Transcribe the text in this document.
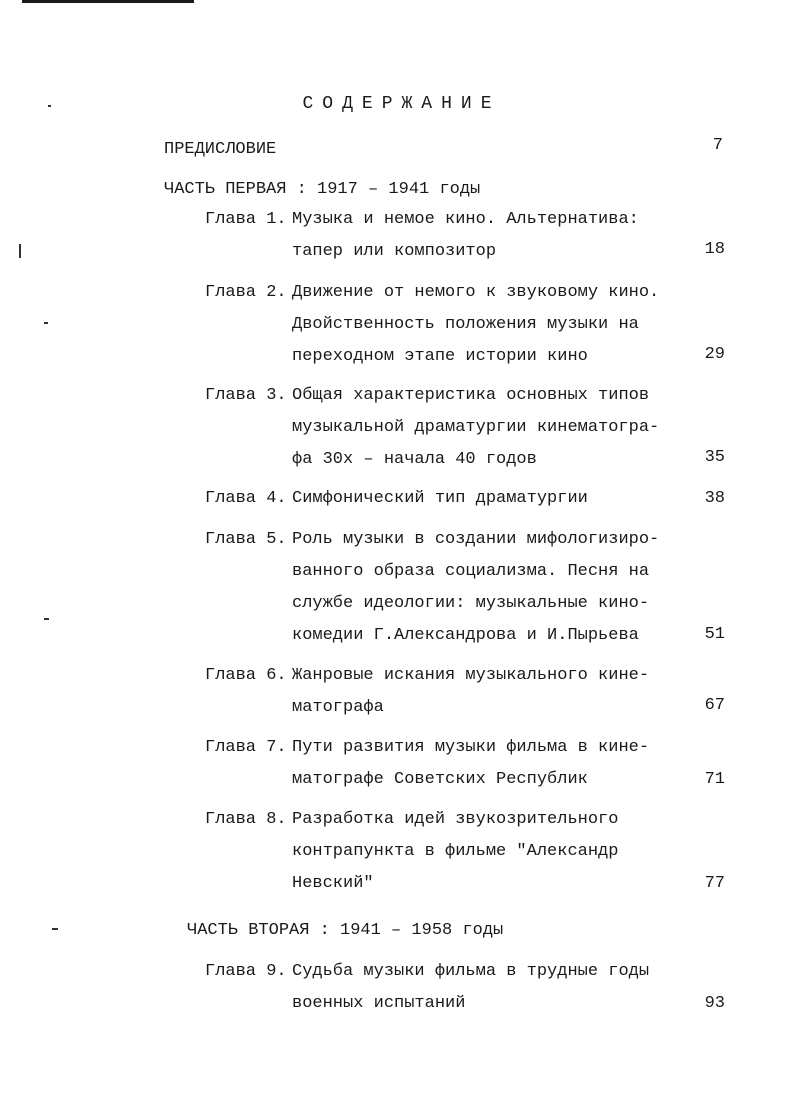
СОДЕРЖАНИЕ
ПРЕДИСЛОВИЕ	7
ЧАСТЬ ПЕРВАЯ : 1917 – 1941 годы
Глава 1. Музыка и немое кино. Альтернатива:
тапер или композитор	18
Глава 2. Движение от немого к звуковому кино.
Двойственность положения музыки на
переходном этапе истории кино	29
Глава 3. Общая характеристика основных типов
музыкальной драматургии кинематогра-
фа 30х – начала 40 годов	35
Глава 4. Симфонический тип драматургии	38
Глава 5. Роль музыки в создании мифологизиро-
ванного образа социализма. Песня на
службе идеологии: музыкальные кино-
комедии Г.Александрова и И.Пырьева	51
Глава 6. Жанровые искания музыкального кине-
матографа	67
Глава 7. Пути развития музыки фильма в кине-
матографе Советских Республик	71
Глава 8. Разработка идей звукозрительного
контрапункта в фильме "Александр
Невский"	77
ЧАСТЬ ВТОРАЯ : 1941 – 1958 годы
Глава 9. Судьба музыки фильма в трудные годы
военных испытаний	93
